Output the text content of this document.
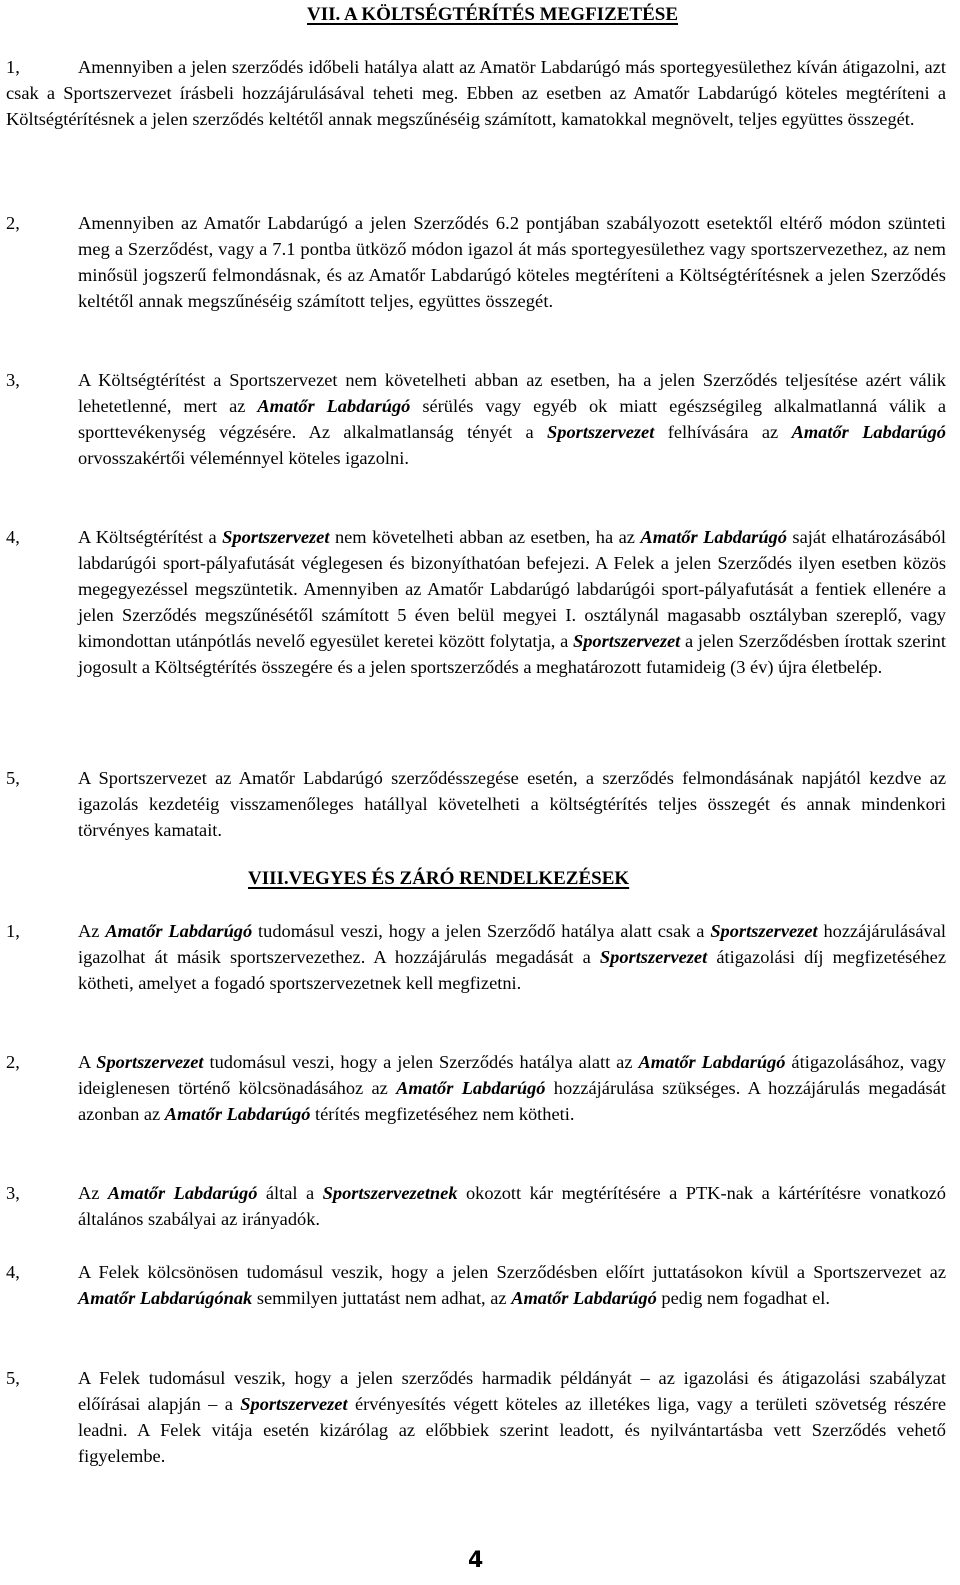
VII. A KÖLTSÉGTÉRÍTÉS MEGFIZETÉSE
1,	Amennyiben a jelen szerződés időbeli hatálya alatt az Amatör Labdarúgó más sportegyesülethez kíván átigazolni, azt csak a Sportszervezet írásbeli hozzájárulásával teheti meg. Ebben az esetben az Amatőr Labdarúgó köteles megtéríteni a Költségtérítésnek a jelen szerződés keltétől annak megszűnéséig számított, kamatokkal megnövelt, teljes együttes összegét.
2,	Amennyiben az Amatőr Labdarúgó a jelen Szerződés 6.2 pontjában szabályozott esetektől eltérő módon szünteti meg a Szerződést, vagy a 7.1 pontba ütköző módon igazol át más sportegyesülethez vagy sportszervezethez, az nem minősül jogszerű felmondásnak, és az Amatőr Labdarúgó köteles megtéríteni a Költségtérítésnek a jelen Szerződés keltétől annak megszűnéséig számított teljes, együttes összegét.
3,	A Költségtérítést a Sportszervezet nem követelheti abban az esetben, ha a jelen Szerződés teljesítése azért válik lehetetlenné, mert az Amatőr Labdarúgó sérülés vagy egyéb ok miatt egészségileg alkalmatlanná válik a sporttevékenység végzésére. Az alkalmatlanság tényét a Sportszervezet felhívására az Amatőr Labdarúgó orvosszakértői véleménnyel köteles igazolni.
4,	A Költségtérítést a Sportszervezet nem követelheti abban az esetben, ha az Amatőr Labdarúgó saját elhatározásából labdarúgói sport-pályafutását véglegesen és bizonyíthatóan befejezi. A Felek a jelen Szerződés ilyen esetben közös megegyezéssel megszüntetik. Amennyiben az Amatőr Labdarúgó labdarúgói sport-pályafutását a fentiek ellenére a jelen Szerződés megszűnésétől számított 5 éven belül megyei I. osztálynál magasabb osztályban szereplő, vagy kimondottan utánpótlás nevelő egyesület keretei között folytatja, a Sportszervezet a jelen Szerződésben írottak szerint jogosult a Költségtérítés összegére és a jelen sportszerződés a meghatározott futamideig (3 év) újra életbelép.
5,	A Sportszervezet az Amatőr Labdarúgó szerződésszegése esetén, a szerződés felmondásának napjától kezdve az igazolás kezdetéig visszamenőleges hatállyal követelheti a költségtérítés teljes összegét és annak mindenkori törvényes kamatait.
VIII.VEGYES ÉS ZÁRÓ RENDELKEZÉSEK
1,	Az Amatőr Labdarúgó tudomásul veszi, hogy a jelen Szerződő hatálya alatt csak a Sportszervezet hozzájárulásával igazolhat át másik sportszervezethez. A hozzájárulás megadását a Sportszervezet átigazolási díj megfizetéséhez kötheti, amelyet a fogadó sportszervezetnek kell megfizetni.
2,	A Sportszervezet tudomásul veszi, hogy a jelen Szerződés hatálya alatt az Amatőr Labdarúgó átigazolásához, vagy ideiglenesen történő kölcsönadásához az Amatőr Labdarúgó hozzájárulása szükséges. A hozzájárulás megadását azonban az Amatőr Labdarúgó térítés megfizetéséhez nem kötheti.
3,	Az Amatőr Labdarúgó által a Sportszervezetnek okozott kár megtérítésére a PTK-nak a kártérítésre vonatkozó általános szabályai az irányadók.
4,	A Felek kölcsönösen tudomásul veszik, hogy a jelen Szerződésben előírt juttatásokon kívül a Sportszervezet az Amatőr Labdarúgónak semmilyen juttatást nem adhat, az Amatőr Labdarúgó pedig nem fogadhat el.
5,	A Felek tudomásul veszik, hogy a jelen szerződés harmadik példányát – az igazolási és átigazolási szabályzat előírásai alapján – a Sportszervezet érvényesítés végett köteles az illetékes liga, vagy a területi szövetség részére leadni. A Felek vitája esetén kizárólag az előbbiek szerint leadott, és nyilvántartásba vett Szerződés vehető figyelembe.
4
